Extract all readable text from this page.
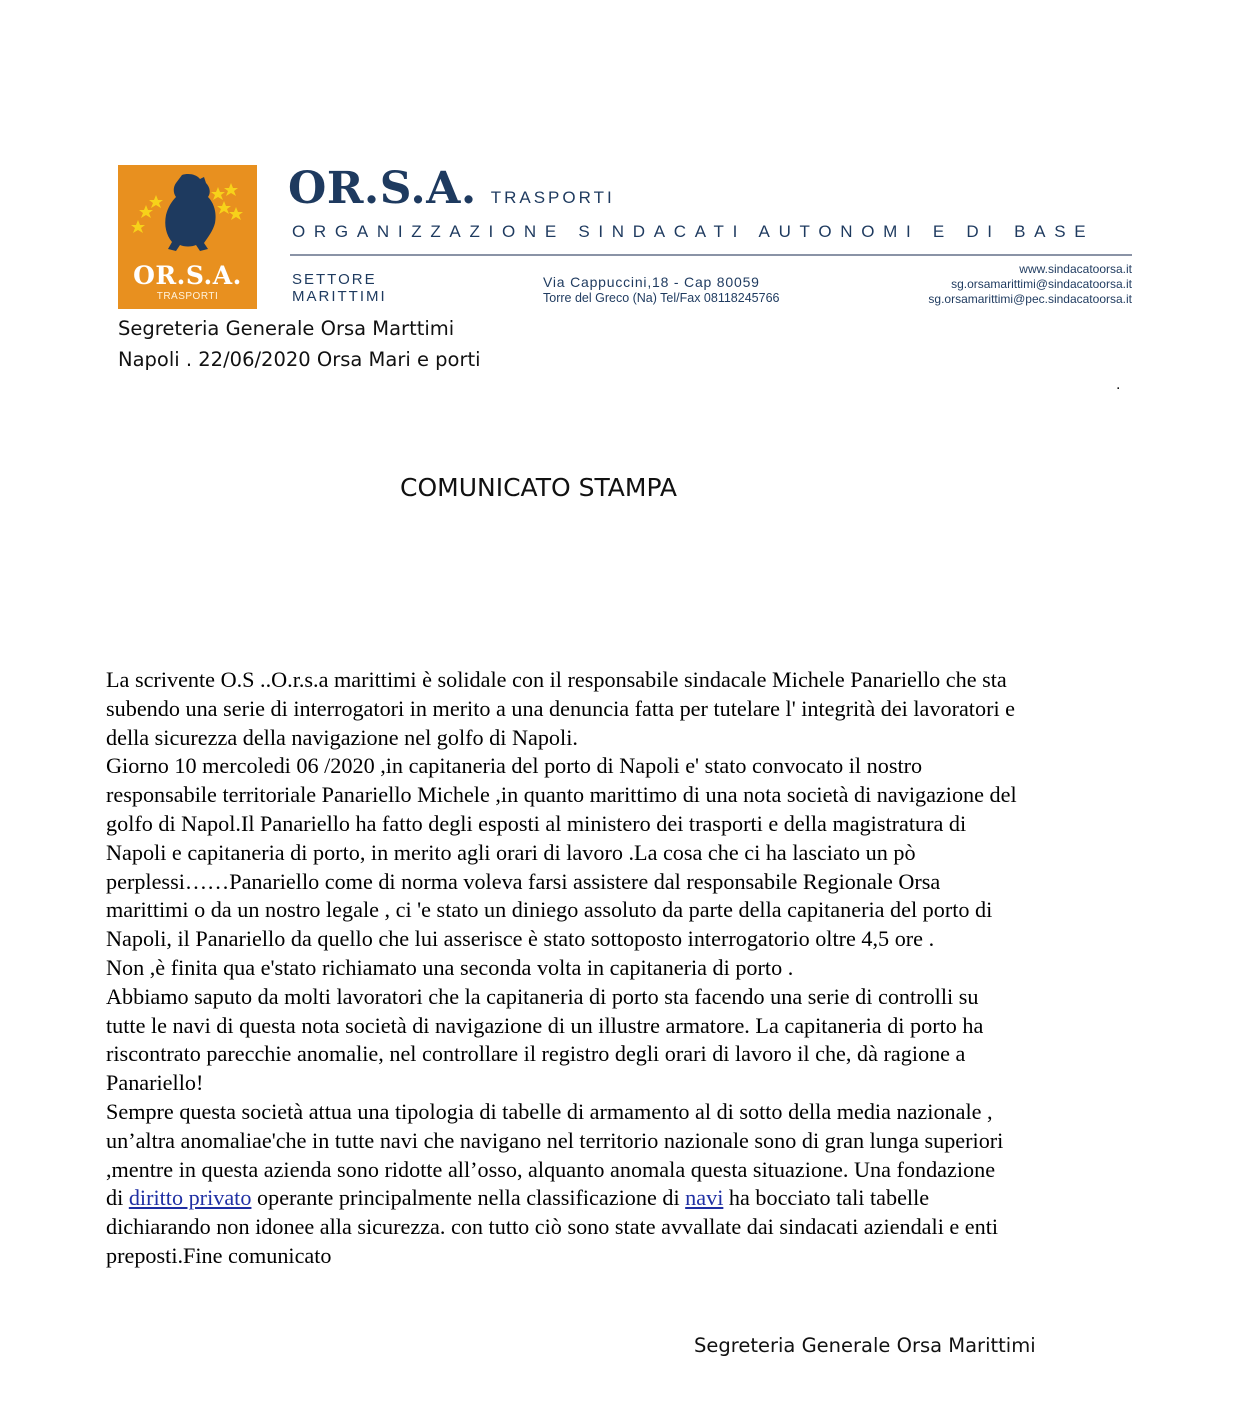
OR.S.A.
TRASPORTI
OR.S.A. TRASPORTI
ORGANIZZAZIONE SINDACATI AUTONOMI E DI BASE
SETTORE
MARITTIMI
Via Cappuccini,18 - Cap 80059
Torre del Greco (Na) Tel/Fax 08118245766
www.sindacatoorsa.it
sg.orsamarittimi@sindacatoorsa.it
sg.orsamarittimi@pec.sindacatoorsa.it
Segreteria Generale Orsa Marttimi
Napoli . 22/06/2020 Orsa Mari e porti
.
COMUNICATO STAMPA
La scrivente O.S ..O.r.s.a marittimi è solidale con il responsabile sindacale Michele Panariello che sta
subendo una serie di interrogatori in merito a una denuncia fatta per tutelare l' integrità dei lavoratori e
della sicurezza della navigazione nel golfo di Napoli.
Giorno 10 mercoledi 06 /2020 ,in capitaneria del porto di Napoli e' stato convocato il nostro
responsabile territoriale Panariello Michele ,in quanto marittimo di una nota società di navigazione del
golfo di Napol.Il Panariello ha fatto degli esposti al ministero dei trasporti e della magistratura di
Napoli e capitaneria di porto, in merito agli orari di lavoro .La cosa che ci ha lasciato un pò
perplessi……Panariello come di norma voleva farsi assistere dal responsabile Regionale Orsa
marittimi o da un nostro legale , ci 'e stato un diniego assoluto da parte della capitaneria del porto di
Napoli, il Panariello da quello che lui asserisce è stato sottoposto interrogatorio oltre 4,5 ore .
Non ,è finita qua e'stato richiamato una seconda volta in capitaneria di porto .
Abbiamo saputo da molti lavoratori che la capitaneria di porto sta facendo una serie di controlli su
tutte le navi di questa nota società di navigazione di un illustre armatore. La capitaneria di porto ha
riscontrato parecchie anomalie, nel controllare il registro degli orari di lavoro il che, dà ragione a
Panariello!
Sempre questa società attua una tipologia di tabelle di armamento al di sotto della media nazionale ,
un’altra anomaliae'che in tutte navi che navigano nel territorio nazionale sono di gran lunga superiori
,mentre in questa azienda sono ridotte all’osso, alquanto anomala questa situazione. Una fondazione
di diritto privato operante principalmente nella classificazione di navi ha bocciato tali tabelle
dichiarando non idonee alla sicurezza. con tutto ciò sono state avvallate dai sindacati aziendali e enti
preposti.Fine comunicato
Segreteria Generale Orsa Marittimi
